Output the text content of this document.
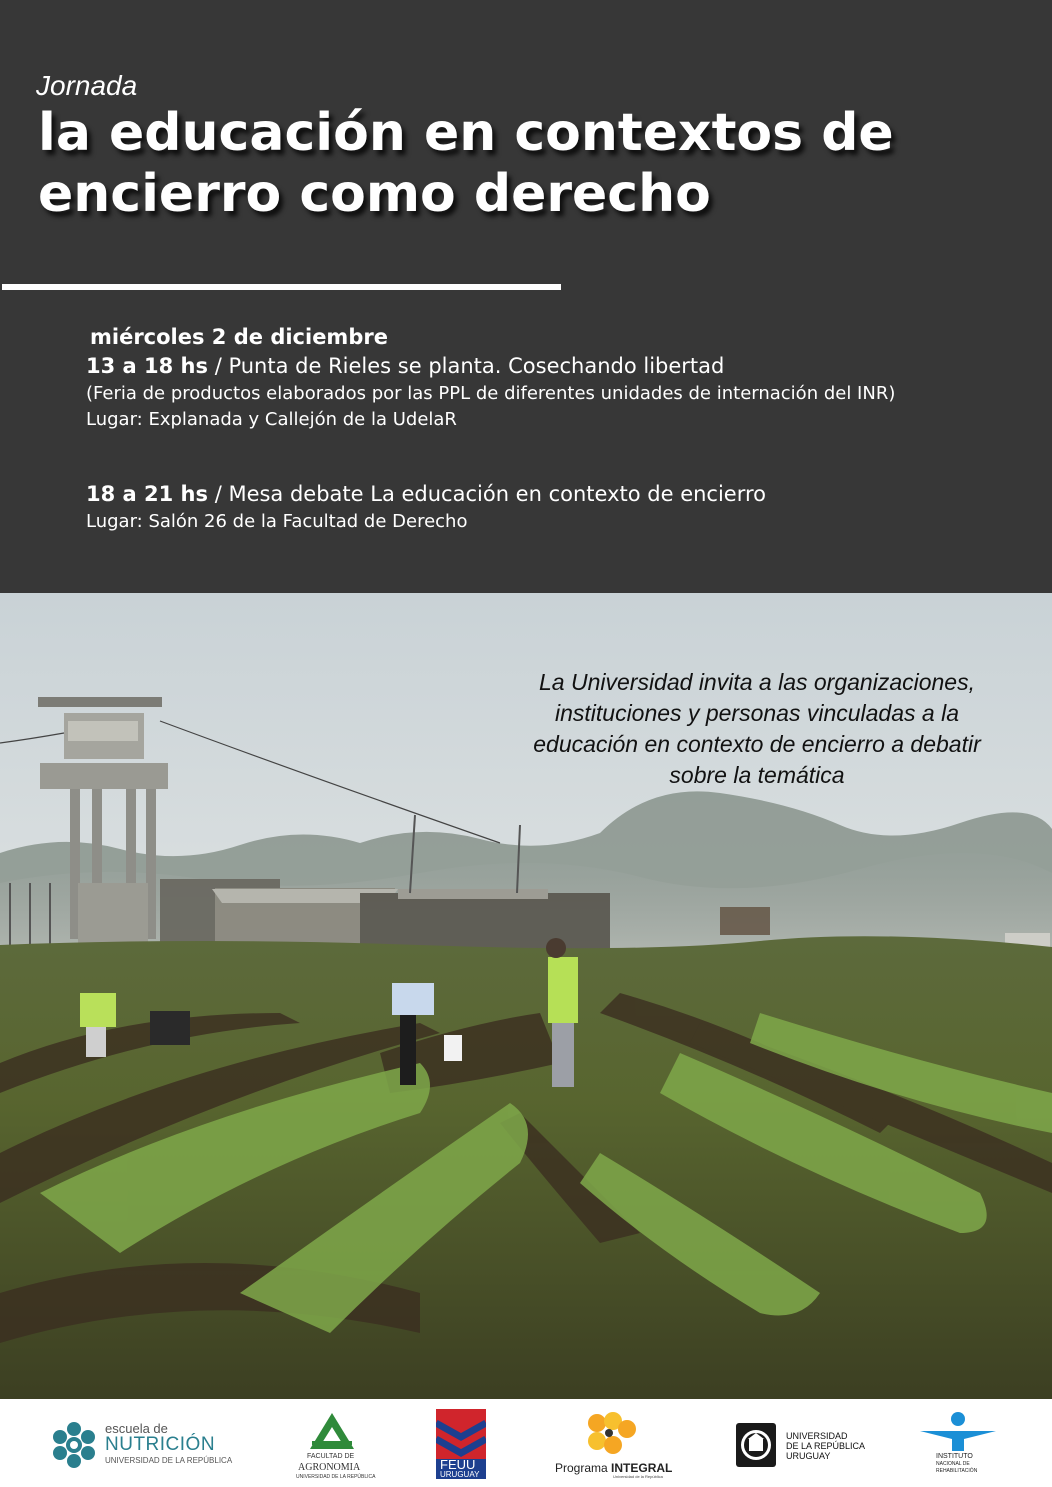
Jornada
la educación en contextos de
encierro como derecho
miércoles 2 de diciembre
13 a 18 hs / Punta de Rieles se planta. Cosechando libertad
(Feria de productos elaborados por las PPL de diferentes unidades de internación del INR)
Lugar: Explanada y Callejón de la UdelaR
18 a 21 hs / Mesa debate La educación en contexto de encierro
Lugar: Salón 26 de la Facultad de Derecho
La Universidad invita a las organizaciones,
instituciones y personas vinculadas a la
educación en contexto de encierro a debatir
sobre la temática
escuela de
NUTRICIÓN
UNIVERSIDAD DE LA REPÚBLICA	FACULTAD DE
AGRONOMIA
UNIVERSIDAD DE LA REPÚBLICA
FEUU
URUGUAY	Programa INTEGRAL
Universidad de la República
UNIVERSIDAD
DE LA REPÚBLICA
URUGUAY	INSTITUTO
NACIONAL DE
REHABILITACIÓN
